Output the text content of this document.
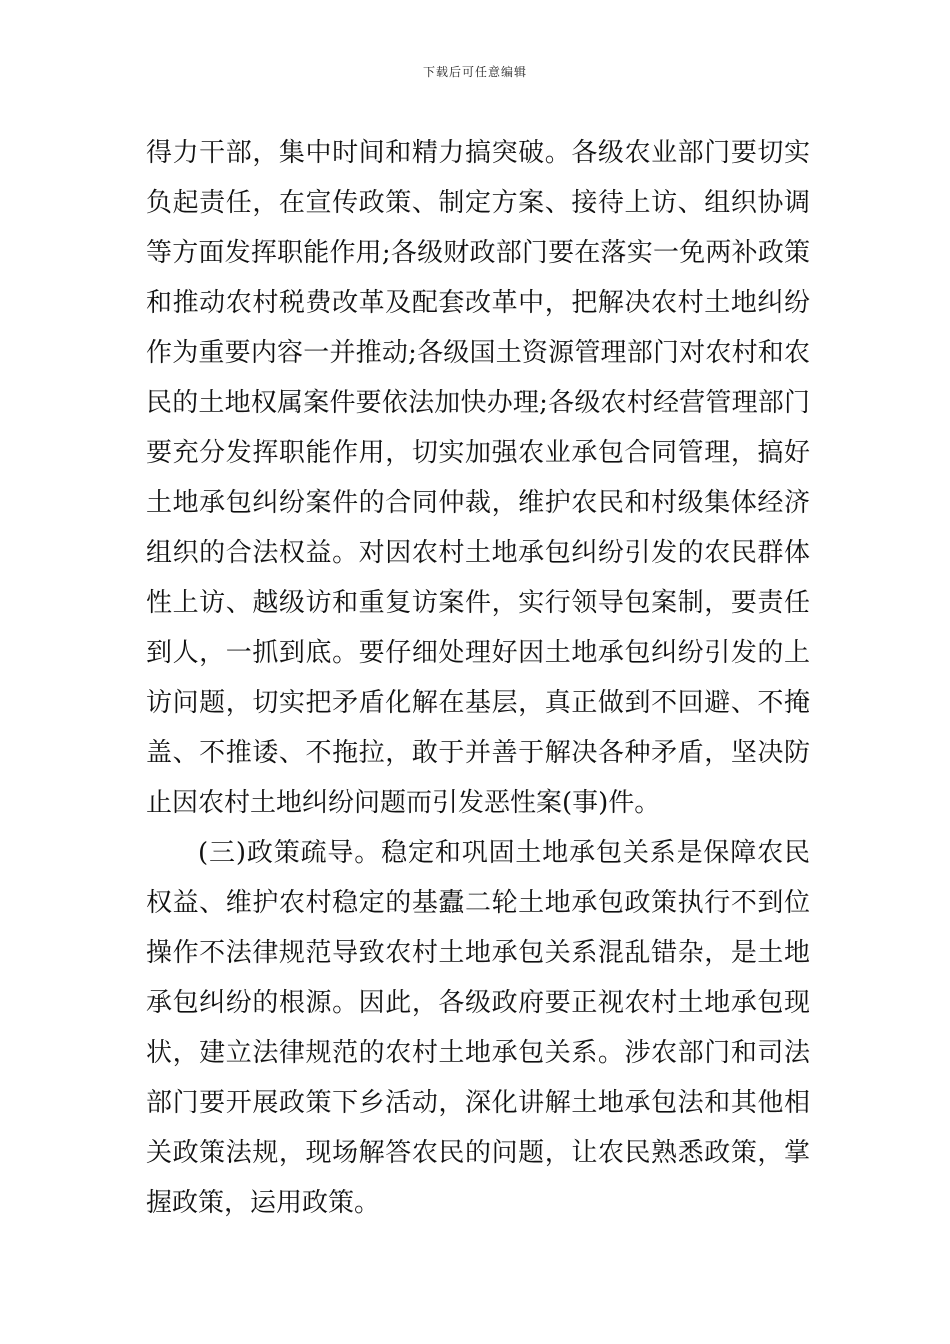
下载后可任意编辑
得力干部，集中时间和精力搞突破。各级农业部门要切实
负起责任，在宣传政策、制定方案、接待上访、组织协调
等方面发挥职能作用;各级财政部门要在落实一免两补政策
和推动农村税费改革及配套改革中，把解决农村土地纠纷
作为重要内容一并推动;各级国土资源管理部门对农村和农
民的土地权属案件要依法加快办理;各级农村经营管理部门
要充分发挥职能作用，切实加强农业承包合同管理，搞好
土地承包纠纷案件的合同仲裁，维护农民和村级集体经济
组织的合法权益。对因农村土地承包纠纷引发的农民群体
性上访、越级访和重复访案件，实行领导包案制，要责任
到人，一抓到底。要仔细处理好因土地承包纠纷引发的上
访问题，切实把矛盾化解在基层，真正做到不回避、不掩
盖、不推诿、不拖拉，敢于并善于解决各种矛盾，坚决防
止因农村土地纠纷问题而引发恶性案(事)件。
(三)政策疏导。稳定和巩固土地承包关系是保障农民
权益、维护农村稳定的基蠹二轮土地承包政策执行不到位
操作不法律规范导致农村土地承包关系混乱错杂，是土地
承包纠纷的根源。因此，各级政府要正视农村土地承包现
状，建立法律规范的农村土地承包关系。涉农部门和司法
部门要开展政策下乡活动，深化讲解土地承包法和其他相
关政策法规，现场解答农民的问题，让农民熟悉政策，掌
握政策，运用政策。
